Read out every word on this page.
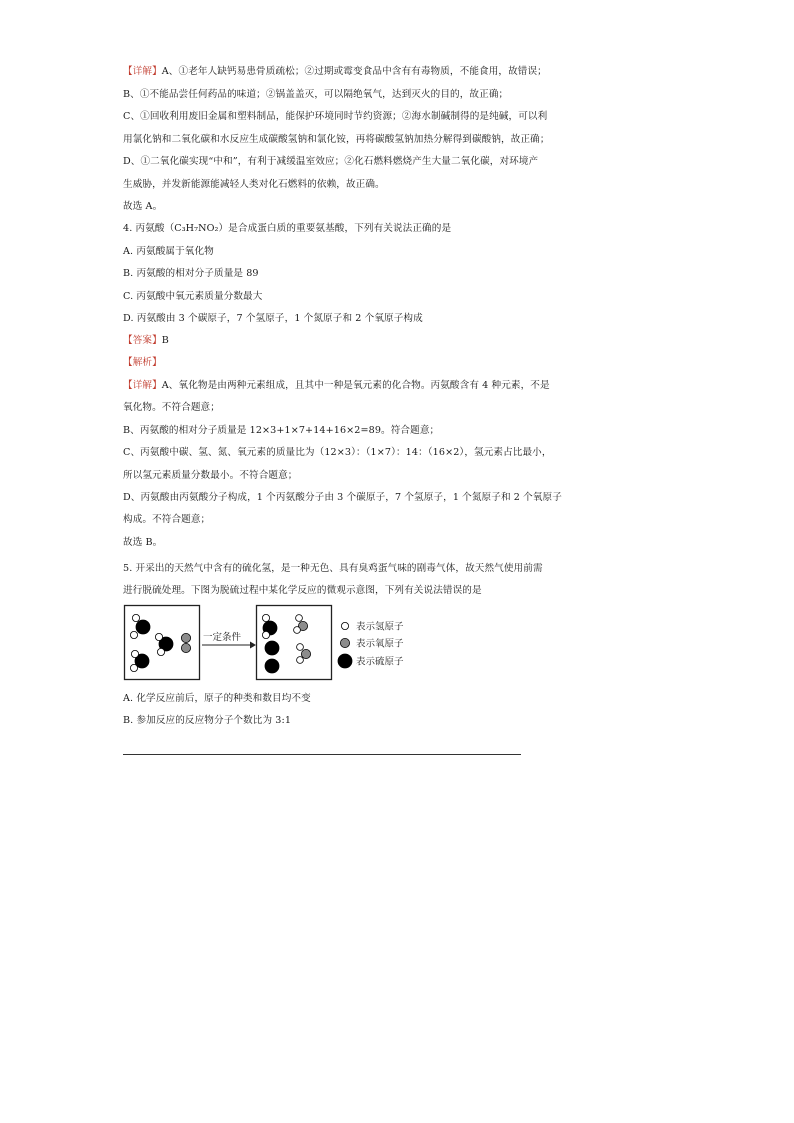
【详解】A、①老年人缺钙易患骨质疏松；②过期或霉变食品中含有有毒物质，不能食用，故错误；
B、①不能品尝任何药品的味道；②锅盖盖灭，可以隔绝氧气，达到灭火的目的，故正确；
C、①回收利用废旧金属和塑料制品，能保护环境同时节约资源；②海水制碱制得的是纯碱，可以利
用氯化钠和二氧化碳和水反应生成碳酸氢钠和氯化铵，再将碳酸氢钠加热分解得到碳酸钠，故正确；
D、①二氧化碳实现“中和”，有利于减缓温室效应；②化石燃料燃烧产生大量二氧化碳，对环境产
生威胁，并发新能源能减轻人类对化石燃料的依赖，故正确。
故选 A。
4. 丙氨酸（C₃H₇NO₂）是合成蛋白质的重要氨基酸，下列有关说法正确的是
A. 丙氨酸属于氧化物
B. 丙氨酸的相对分子质量是 89
C. 丙氨酸中氧元素质量分数最大
D. 丙氨酸由 3 个碳原子，7 个氢原子，1 个氮原子和 2 个氧原子构成
【答案】B
【解析】
【详解】A、氧化物是由两种元素组成，且其中一种是氧元素的化合物。丙氨酸含有 4 种元素，不是
氧化物。不符合题意；
B、丙氨酸的相对分子质量是 12×3+1×7+14+16×2=89。符合题意；
C、丙氨酸中碳、氢、氮、氧元素的质量比为（12×3）：（1×7）：14：（16×2），氢元素占比最小，
所以氢元素质量分数最小。不符合题意；
D、丙氨酸由丙氨酸分子构成，1 个丙氨酸分子由 3 个碳原子，7 个氢原子，1 个氮原子和 2 个氧原子
构成。不符合题意；
故选 B。
5. 开采出的天然气中含有的硫化氢，是一种无色、具有臭鸡蛋气味的剧毒气体，故天然气使用前需
进行脱硫处理。下图为脱硫过程中某化学反应的微观示意图，下列有关说法错误的是
一定条件
表示氢原子
表示氧原子
表示硫原子
A. 化学反应前后，原子的种类和数目均不变
B. 参加反应的反应物分子个数比为 3:1
